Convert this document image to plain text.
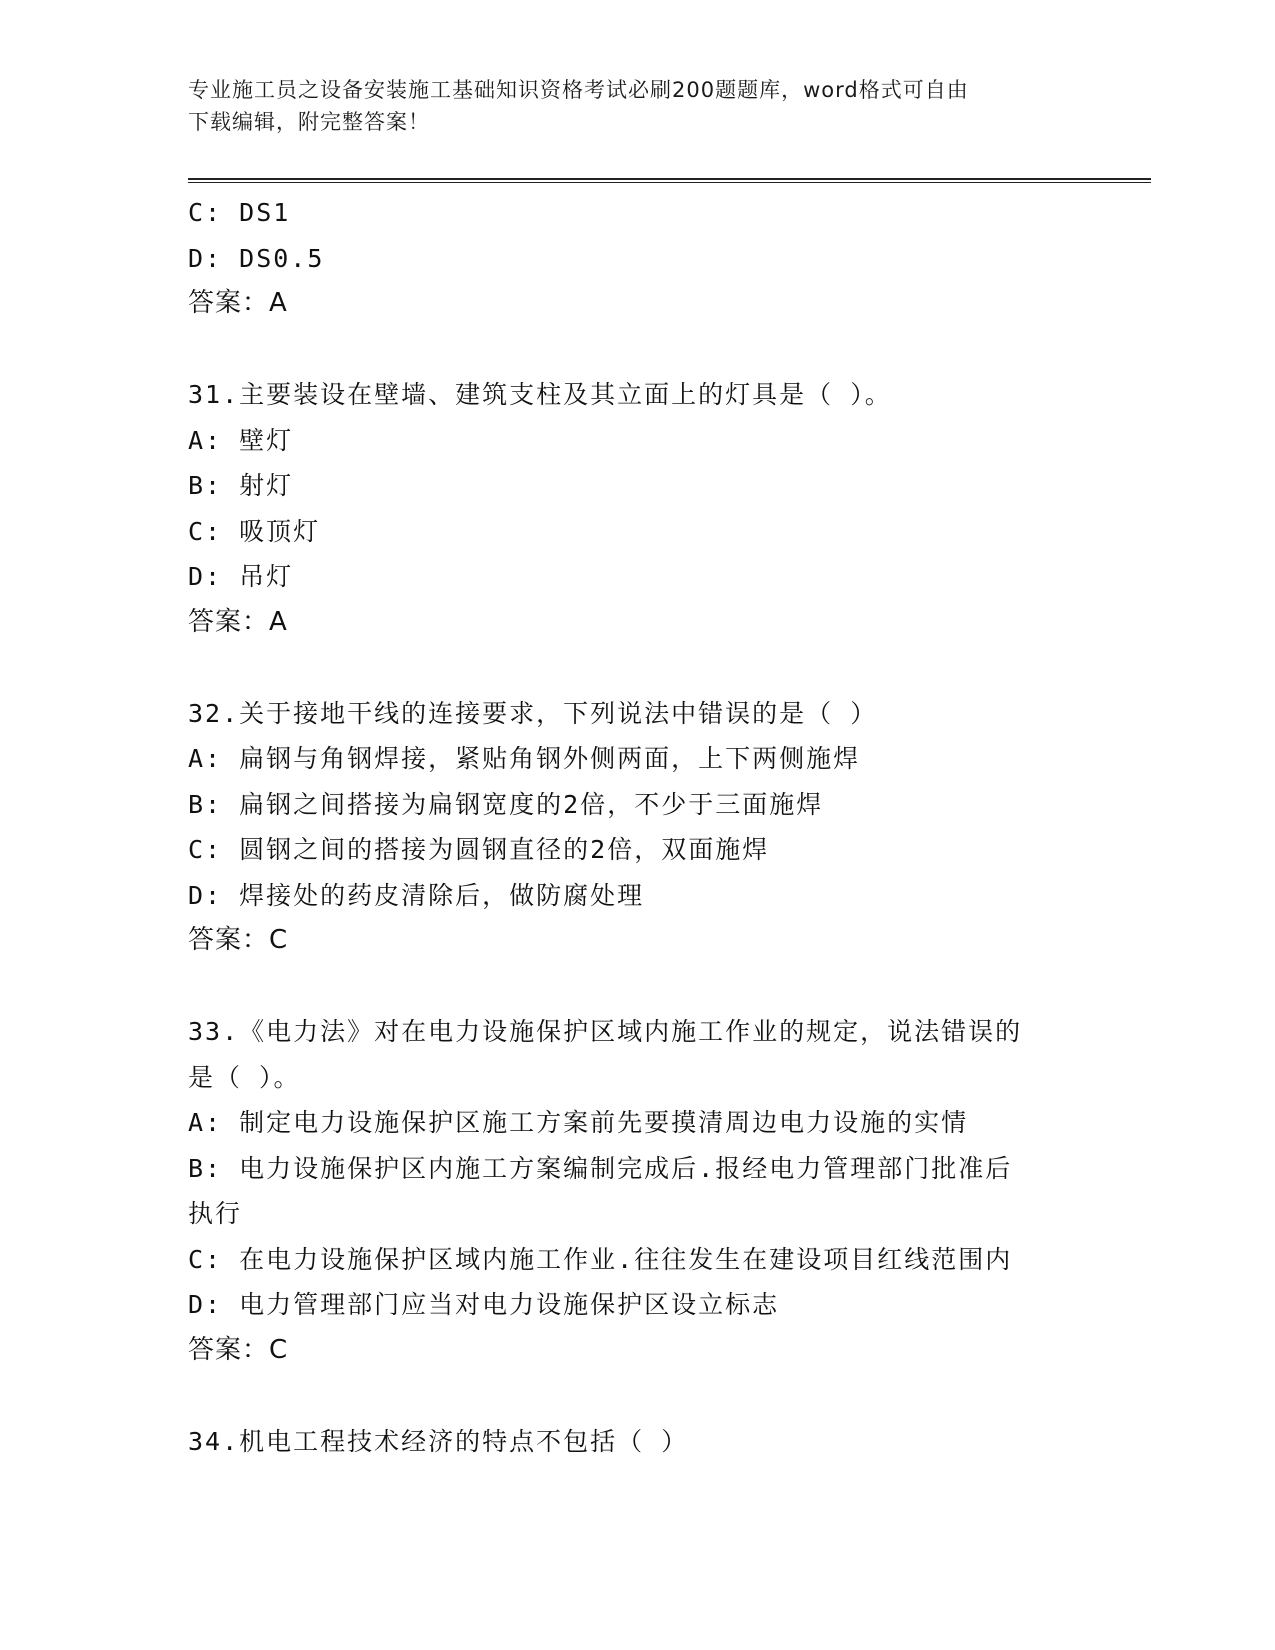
专业施工员之设备安装施工基础知识资格考试必刷200题题库，word格式可自由
下载编辑，附完整答案！
C: DS1
D: DS0.5
答案：A
31.主要装设在壁墙、建筑支柱及其立面上的灯具是（ ）。
A: 壁灯
B: 射灯
C: 吸顶灯
D: 吊灯
答案：A
32.关于接地干线的连接要求，下列说法中错误的是（ ）
A: 扁钢与角钢焊接，紧贴角钢外侧两面，上下两侧施焊
B: 扁钢之间搭接为扁钢宽度的2倍，不少于三面施焊
C: 圆钢之间的搭接为圆钢直径的2倍，双面施焊
D: 焊接处的药皮清除后，做防腐处理
答案：C
33.《电力法》对在电力设施保护区域内施工作业的规定，说法错误的
是（ ）。
A: 制定电力设施保护区施工方案前先要摸清周边电力设施的实情
B: 电力设施保护区内施工方案编制完成后.报经电力管理部门批准后
执行
C: 在电力设施保护区域内施工作业.往往发生在建设项目红线范围内
D: 电力管理部门应当对电力设施保护区设立标志
答案：C
34.机电工程技术经济的特点不包括（ ）
